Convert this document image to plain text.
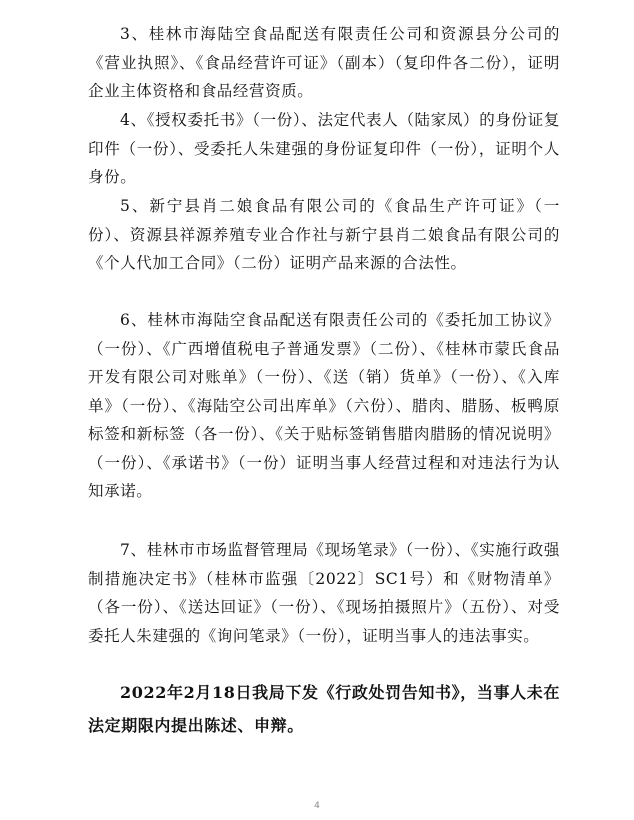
3、桂林市海陆空食品配送有限责任公司和资源县分公司的《营业执照》、《食品经营许可证》（副本）（复印件各二份），证明企业主体资格和食品经营资质。

4、《授权委托书》（一份）、法定代表人（陆家凤）的身份证复印件（一份）、受委托人朱建强的身份证复印件（一份），证明个人身份。

5、新宁县肖二娘食品有限公司的《食品生产许可证》（一份）、资源县祥源养殖专业合作社与新宁县肖二娘食品有限公司的《个人代加工合同》（二份）证明产品来源的合法性。

6、桂林市海陆空食品配送有限责任公司的《委托加工协议》（一份）、《广西增值税电子普通发票》（二份）、《桂林市蒙氏食品开发有限公司对账单》（一份）、《送（销）货单》（一份）、《入库单》（一份）、《海陆空公司出库单》（六份）、腊肉、腊肠、板鸭原标签和新标签（各一份）、《关于贴标签销售腊肉腊肠的情况说明》（一份）、《承诺书》（一份）证明当事人经营过程和对违法行为认知承诺。

7、桂林市市场监督管理局《现场笔录》（一份）、《实施行政强制措施决定书》（桂林市监强〔2022〕SC1号）和《财物清单》（各一份）、《送达回证》（一份）、《现场拍摄照片》（五份）、对受委托人朱建强的《询问笔录》（一份），证明当事人的违法事实。

2022年2月18日我局下发《行政处罚告知书》，当事人未在法定期限内提出陈述、申辩。

4
